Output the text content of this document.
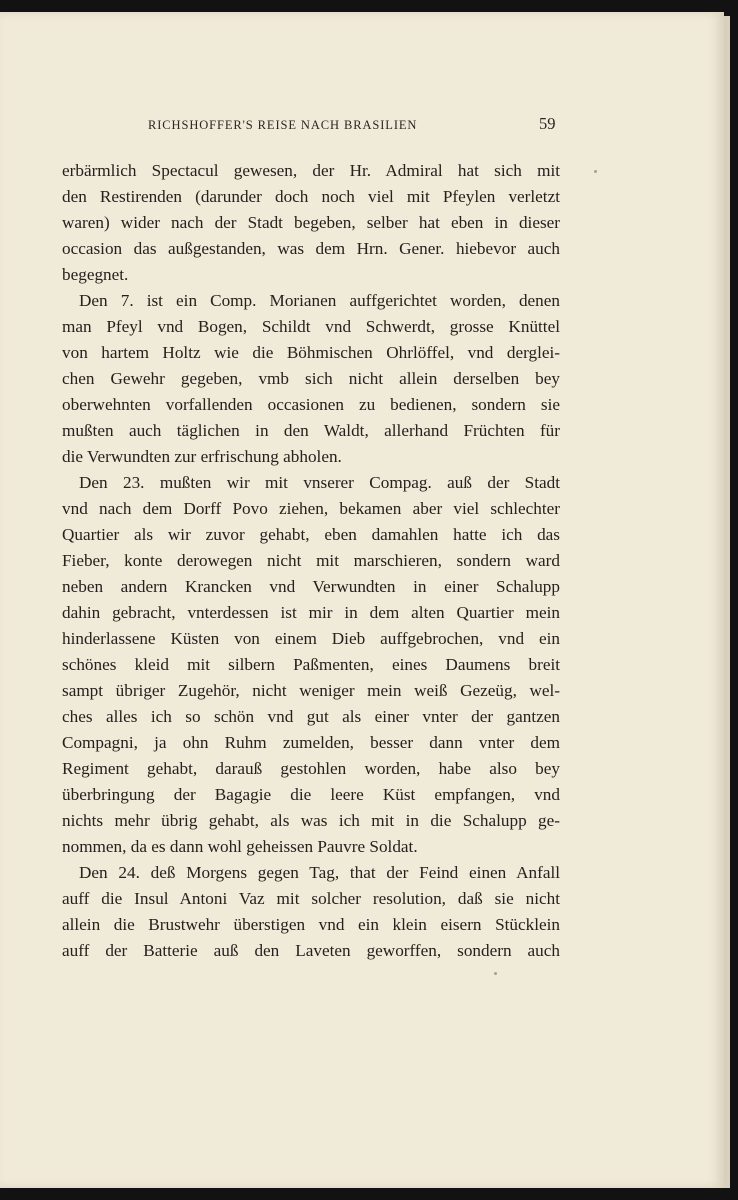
RICHSHOFFER'S REISE NACH BRASILIEN	59
erbärmlich Spectacul gewesen, der Hr. Admiral hat sich mit
den Restirenden (darunder doch noch viel mit Pfeylen verletzt
waren) wider nach der Stadt begeben, selber hat eben in dieser
occasion das außgestanden, was dem Hrn. Gener. hiebevor auch
begegnet.
Den 7. ist ein Comp. Morianen auffgerichtet worden, denen
man Pfeyl vnd Bogen, Schildt vnd Schwerdt, grosse Knüttel
von hartem Holtz wie die Böhmischen Ohrlöffel, vnd derglei-
chen Gewehr gegeben, vmb sich nicht allein derselben bey
oberwehnten vorfallenden occasionen zu bedienen, sondern sie
mußten auch täglichen in den Waldt, allerhand Früchten für
die Verwundten zur erfrischung abholen.
Den 23. mußten wir mit vnserer Compag. auß der Stadt
vnd nach dem Dorff Povo ziehen, bekamen aber viel schlechter
Quartier als wir zuvor gehabt, eben damahlen hatte ich das
Fieber, konte derowegen nicht mit marschieren, sondern ward
neben andern Krancken vnd Verwundten in einer Schalupp
dahin gebracht, vnterdessen ist mir in dem alten Quartier mein
hinderlassene Küsten von einem Dieb auffgebrochen, vnd ein
schönes kleid mit silbern Paßmenten, eines Daumens breit
sampt übriger Zugehör, nicht weniger mein weiß Gezeüg, wel-
ches alles ich so schön vnd gut als einer vnter der gantzen
Compagni, ja ohn Ruhm zumelden, besser dann vnter dem
Regiment gehabt, darauß gestohlen worden, habe also bey
überbringung der Bagagie die leere Küst empfangen, vnd
nichts mehr übrig gehabt, als was ich mit in die Schalupp ge-
nommen, da es dann wohl geheissen Pauvre Soldat.
Den 24. deß Morgens gegen Tag, that der Feind einen Anfall
auff die Insul Antoni Vaz mit solcher resolution, daß sie nicht
allein die Brustwehr überstigen vnd ein klein eisern Stücklein
auff der Batterie auß den Laveten geworffen, sondern auch
